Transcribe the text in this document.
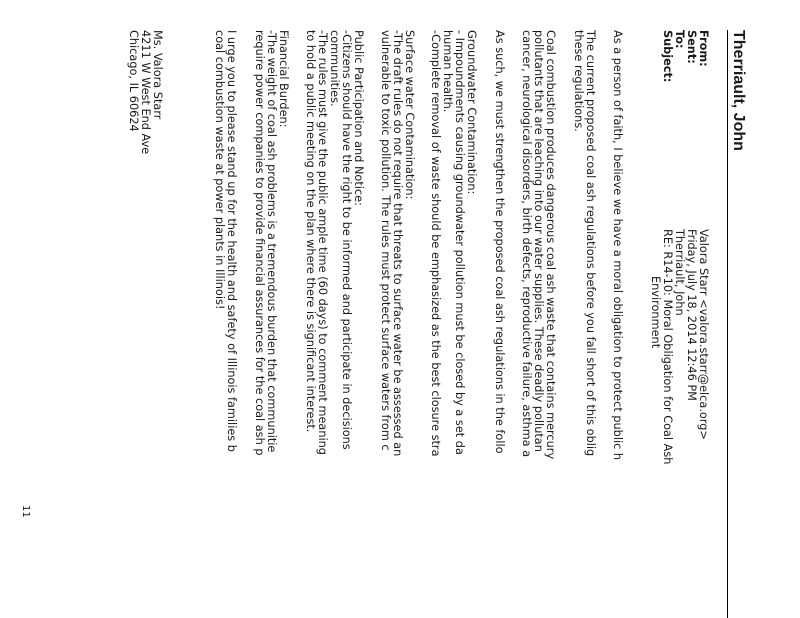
Therriault, John
From:
Valora Starr <valora.starr@elca.org>
Sent:
Friday, July 18, 2014 12:46 PM
To:
Therriault, John
Subject:
RE: R14-10: Moral Obligation for Coal Ash
Environment
As a person of faith, I believe we have a moral obligation to protect public h
The current proposed coal ash regulations before you fall short of this oblig
these regulations.
Coal combustion produces dangerous coal ash waste that contains mercury
pollutants that are leaching into our water supplies. These deadly pollutan
cancer, neurological disorders, birth defects, reproductive failure, asthma a
As such, we must strengthen the proposed coal ash regulations in the follo
Groundwater Contamination:
- Impoundments causing groundwater pollution must be closed by a set da
human health.
-Complete removal of waste should be emphasized as the best closure stra
Surface water Contamination:
-The draft rules do not require that threats to surface water be assessed an
vulnerable to toxic pollution. The rules must protect surface waters from c
Public Participation and Notice:
-Citizens should have the right to be informed and participate in decisions
communities.
-The rules must give the public ample time (60 days) to comment meaning
to hold a public meeting on the plan where there is significant interest.
Financial Burden:
-The weight of coal ash problems is a tremendous burden that communitie
require power companies to provide financial assurances for the coal ash p
I urge you to please stand up for the health and safety of Illinois families b
coal combustion waste at power plants in Illinois!
Ms. Valora Starr
4211 W West End Ave
Chicago, IL 60624
11
